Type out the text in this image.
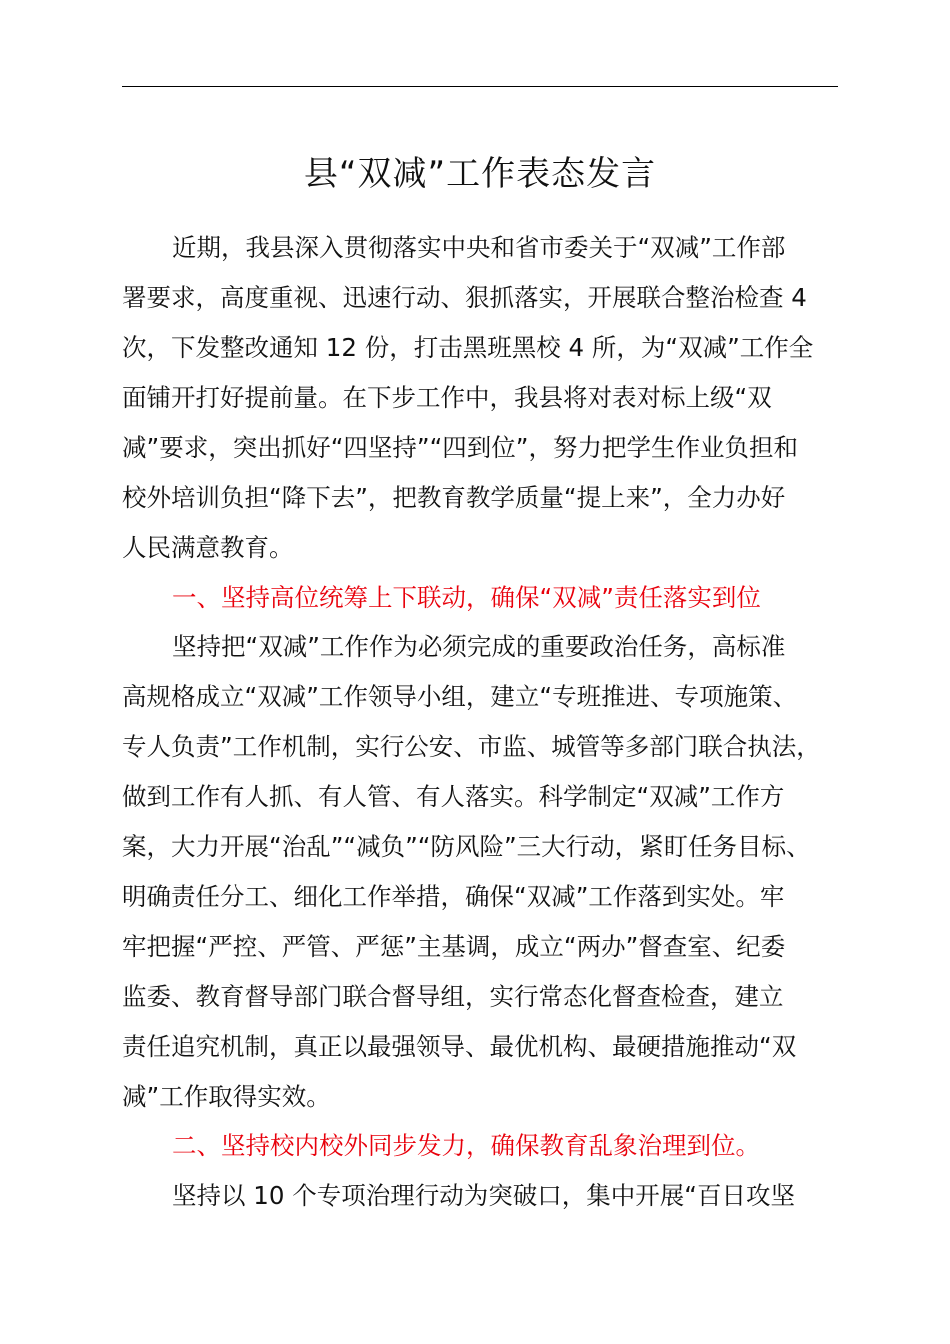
县“双减”工作表态发言
近期，我县深入贯彻落实中央和省市委关于“双减”工作部
署要求，高度重视、迅速行动、狠抓落实，开展联合整治检查 4
次，下发整改通知 12 份，打击黑班黑校 4 所，为“双减”工作全
面铺开打好提前量。在下步工作中，我县将对表对标上级“双
减”要求，突出抓好“四坚持”“四到位”，努力把学生作业负担和
校外培训负担“降下去”，把教育教学质量“提上来”，全力办好
人民满意教育。
一、坚持高位统筹上下联动，确保“双减”责任落实到位
坚持把“双减”工作作为必须完成的重要政治任务，高标准
高规格成立“双减”工作领导小组，建立“专班推进、专项施策、
专人负责”工作机制，实行公安、市监、城管等多部门联合执法，
做到工作有人抓、有人管、有人落实。科学制定“双减”工作方
案，大力开展“治乱”“减负”“防风险”三大行动，紧盯任务目标、
明确责任分工、细化工作举措，确保“双减”工作落到实处。牢
牢把握“严控、严管、严惩”主基调，成立“两办”督查室、纪委
监委、教育督导部门联合督导组，实行常态化督查检查，建立
责任追究机制，真正以最强领导、最优机构、最硬措施推动“双
减”工作取得实效。
二、坚持校内校外同步发力，确保教育乱象治理到位。
坚持以 10 个专项治理行动为突破口，集中开展“百日攻坚
